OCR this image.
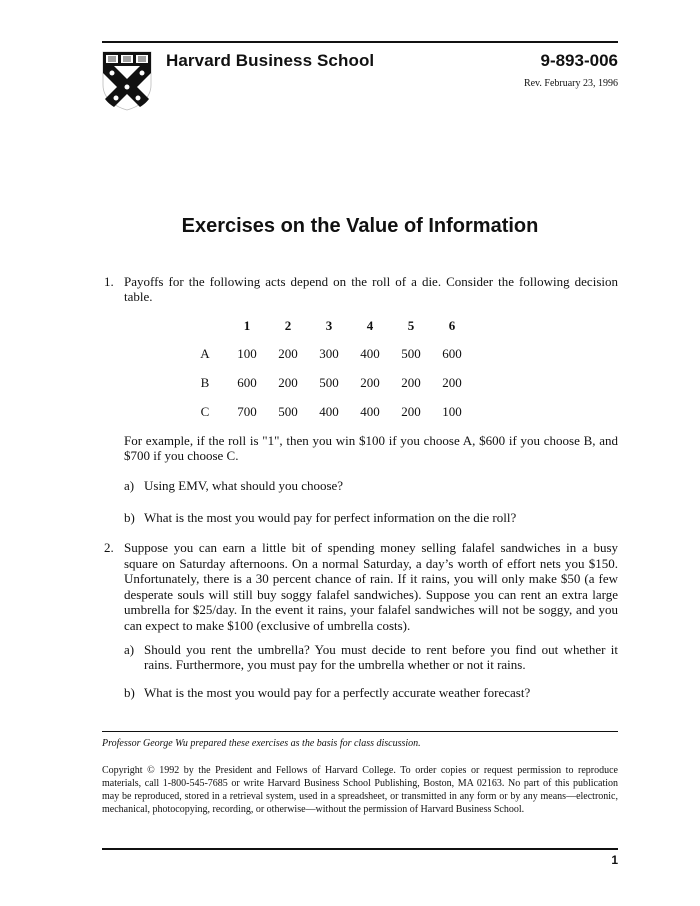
Harvard Business School	9-893-006
Rev. February 23, 1996
Exercises on the Value of Information
1. Payoffs for the following acts depend on the roll of a die. Consider the following decision table.
1	2	3	4	5	6
A	100	200	300	400	500	600
B	600	200	500	200	200	200
C	700	500	400	400	200	100
For example, if the roll is "1", then you win $100 if you choose A, $600 if you choose B, and $700 if you choose C.
a) Using EMV, what should you choose?
b) What is the most you would pay for perfect information on the die roll?
2. Suppose you can earn a little bit of spending money selling falafel sandwiches in a busy square on Saturday afternoons. On a normal Saturday, a day’s worth of effort nets you $150. Unfortunately, there is a 30 percent chance of rain. If it rains, you will only make $50 (a few desperate souls will still buy soggy falafel sandwiches). Suppose you can rent an extra large umbrella for $25/day. In the event it rains, your falafel sandwiches will not be soggy, and you can expect to make $100 (exclusive of umbrella costs).
a) Should you rent the umbrella? You must decide to rent before you find out whether it rains. Furthermore, you must pay for the umbrella whether or not it rains.
b) What is the most you would pay for a perfectly accurate weather forecast?
Professor George Wu prepared these exercises as the basis for class discussion.
Copyright © 1992 by the President and Fellows of Harvard College. To order copies or request permission to reproduce materials, call 1-800-545-7685 or write Harvard Business School Publishing, Boston, MA 02163. No part of this publication may be reproduced, stored in a retrieval system, used in a spreadsheet, or transmitted in any form or by any means—electronic, mechanical, photocopying, recording, or otherwise—without the permission of Harvard Business School.
1
